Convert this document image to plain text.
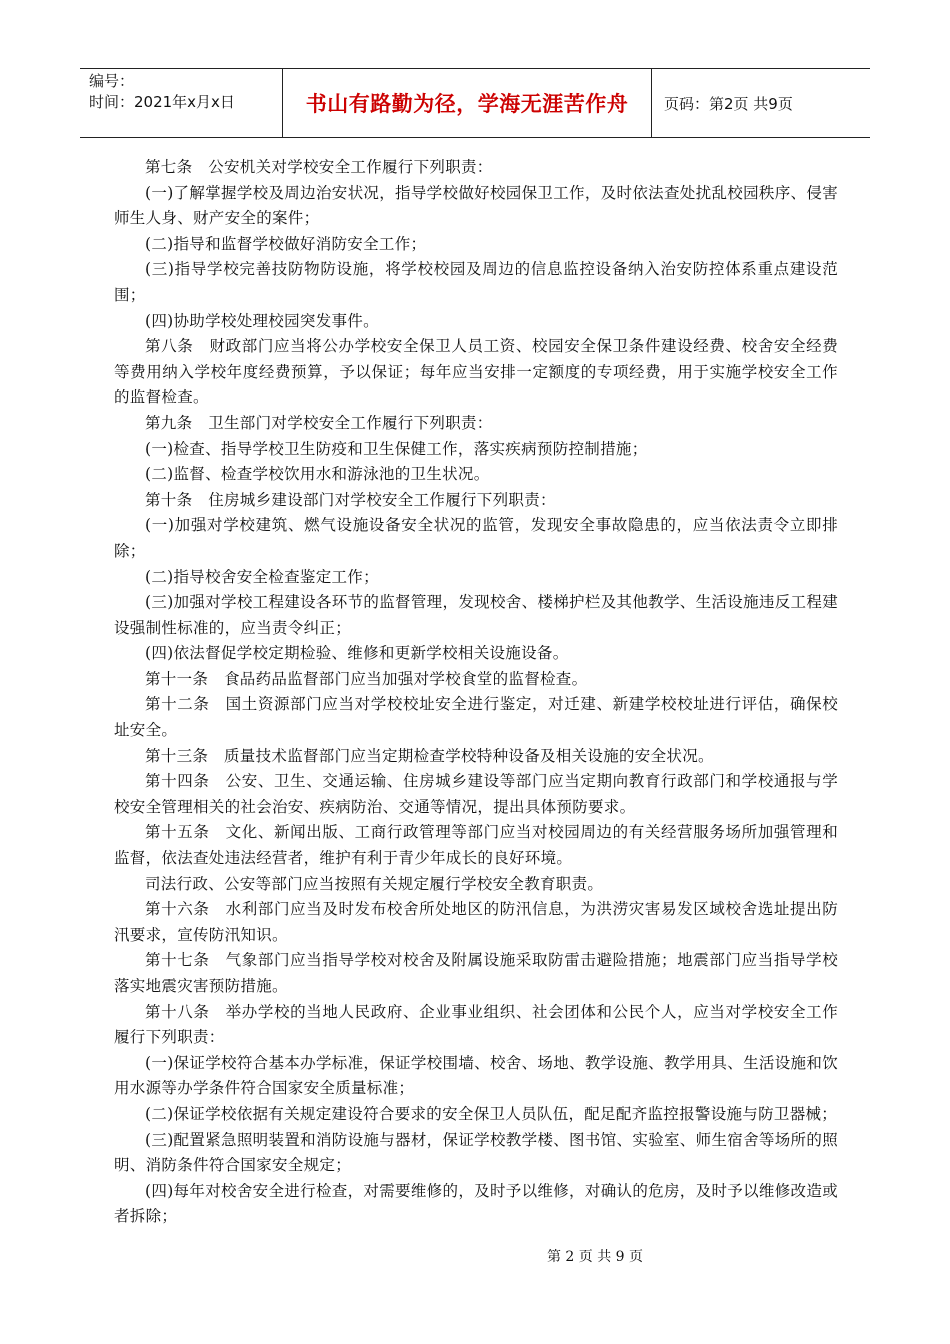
编号：
时间：2021年x月x日	书山有路勤为径，学海无涯苦作舟 页码：第2页 共9页

第七条　公安机关对学校安全工作履行下列职责：

(一)了解掌握学校及周边治安状况，指导学校做好校园保卫工作，及时依法查处扰乱校园秩序、侵害师生人身、财产安全的案件；

(二)指导和监督学校做好消防安全工作；

(三)指导学校完善技防物防设施，将学校校园及周边的信息监控设备纳入治安防控体系重点建设范围；

(四)协助学校处理校园突发事件。

第八条　财政部门应当将公办学校安全保卫人员工资、校园安全保卫条件建设经费、校舍安全经费等费用纳入学校年度经费预算，予以保证；每年应当安排一定额度的专项经费，用于实施学校安全工作的监督检查。

第九条　卫生部门对学校安全工作履行下列职责：

(一)检查、指导学校卫生防疫和卫生保健工作，落实疾病预防控制措施；

(二)监督、检查学校饮用水和游泳池的卫生状况。

第十条　住房城乡建设部门对学校安全工作履行下列职责：

(一)加强对学校建筑、燃气设施设备安全状况的监管，发现安全事故隐患的，应当依法责令立即排除；

(二)指导校舍安全检查鉴定工作；

(三)加强对学校工程建设各环节的监督管理，发现校舍、楼梯护栏及其他教学、生活设施违反工程建设强制性标准的，应当责令纠正；

(四)依法督促学校定期检验、维修和更新学校相关设施设备。

第十一条　食品药品监督部门应当加强对学校食堂的监督检查。

第十二条　国土资源部门应当对学校校址安全进行鉴定，对迁建、新建学校校址进行评估，确保校址安全。

第十三条　质量技术监督部门应当定期检查学校特种设备及相关设施的安全状况。

第十四条　公安、卫生、交通运输、住房城乡建设等部门应当定期向教育行政部门和学校通报与学校安全管理相关的社会治安、疾病防治、交通等情况，提出具体预防要求。

第十五条　文化、新闻出版、工商行政管理等部门应当对校园周边的有关经营服务场所加强管理和监督，依法查处违法经营者，维护有利于青少年成长的良好环境。

司法行政、公安等部门应当按照有关规定履行学校安全教育职责。

第十六条　水利部门应当及时发布校舍所处地区的防汛信息，为洪涝灾害易发区域校舍选址提出防汛要求，宣传防汛知识。

第十七条　气象部门应当指导学校对校舍及附属设施采取防雷击避险措施；地震部门应当指导学校落实地震灾害预防措施。

第十八条　举办学校的当地人民政府、企业事业组织、社会团体和公民个人，应当对学校安全工作履行下列职责：

(一)保证学校符合基本办学标准，保证学校围墙、校舍、场地、教学设施、教学用具、生活设施和饮用水源等办学条件符合国家安全质量标准；

(二)保证学校依据有关规定建设符合要求的安全保卫人员队伍，配足配齐监控报警设施与防卫器械；

(三)配置紧急照明装置和消防设施与器材，保证学校教学楼、图书馆、实验室、师生宿舍等场所的照明、消防条件符合国家安全规定；

(四)每年对校舍安全进行检查，对需要维修的，及时予以维修，对确认的危房，及时予以维修改造或者拆除；

第 2 页 共 9 页
